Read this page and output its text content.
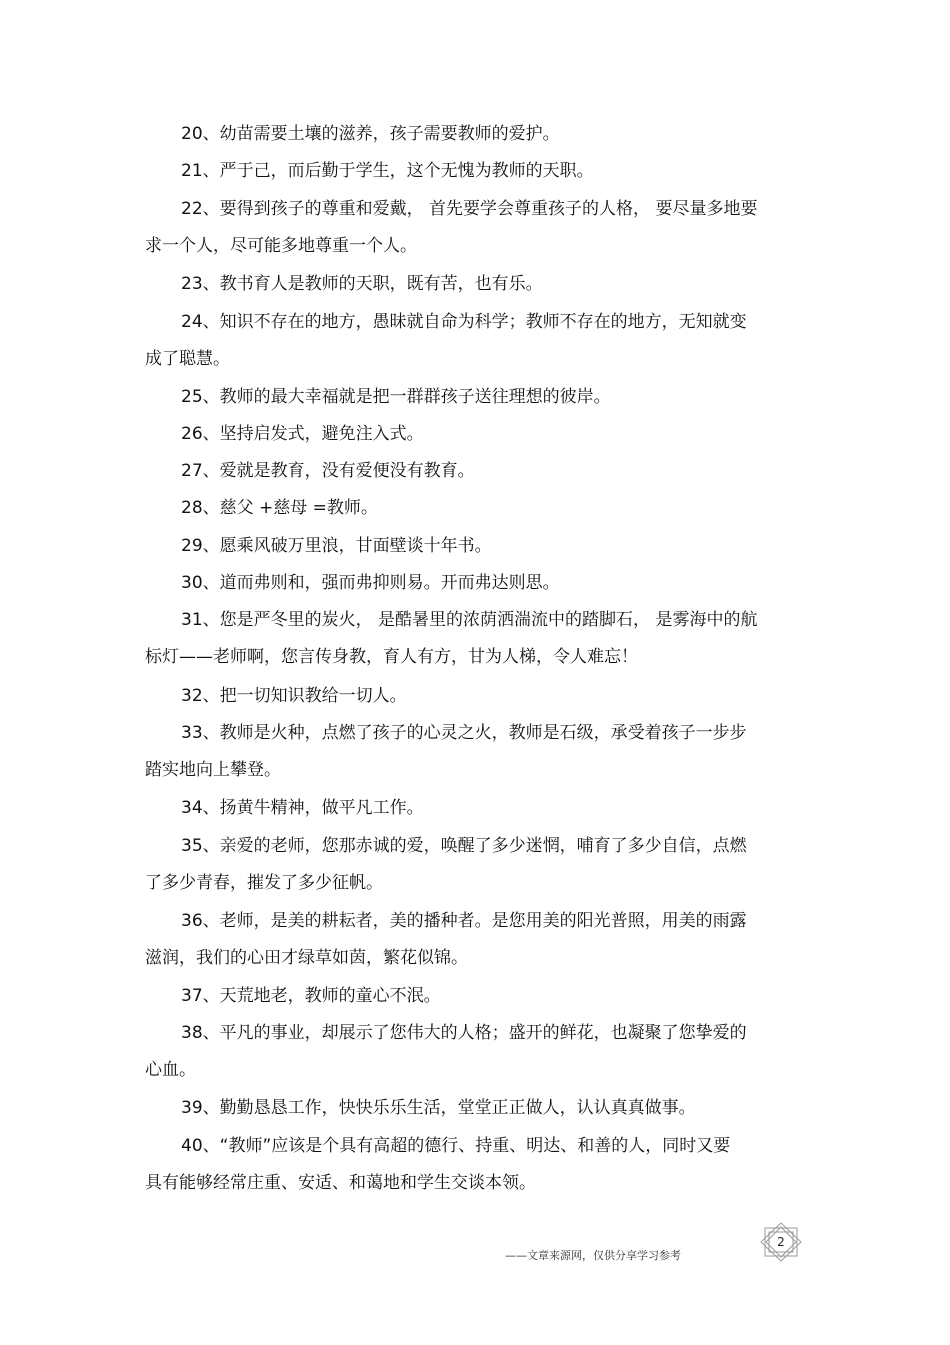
20、幼苗需要土壤的滋养，孩子需要教师的爱护。
21、严于己，而后勤于学生，这个无愧为教师的天职。
22、要得到孩子的尊重和爱戴， 首先要学会尊重孩子的人格， 要尽量多地要
求一个人，尽可能多地尊重一个人。
23、教书育人是教师的天职，既有苦，也有乐。
24、知识不存在的地方，愚昧就自命为科学；教师不存在的地方，无知就变
成了聪慧。
25、教师的最大幸福就是把一群群孩子送往理想的彼岸。
26、坚持启发式，避免注入式。
27、爱就是教育，没有爱便没有教育。
28、慈父 +慈母 =教师。
29、愿乘风破万里浪，甘面壁谈十年书。
30、道而弗则和，强而弗抑则易。开而弗达则思。
31、您是严冬里的炭火， 是酷暑里的浓荫洒湍流中的踏脚石， 是雾海中的航
标灯——老师啊，您言传身教，育人有方，甘为人梯，令人难忘！
32、把一切知识教给一切人。
33、教师是火种，点燃了孩子的心灵之火，教师是石级，承受着孩子一步步
踏实地向上攀登。
34、扬黄牛精神，做平凡工作。
35、亲爱的老师，您那赤诚的爱，唤醒了多少迷惘，哺育了多少自信，点燃
了多少青春，摧发了多少征帆。
36、老师，是美的耕耘者，美的播种者。是您用美的阳光普照，用美的雨露
滋润，我们的心田才绿草如茵，繁花似锦。
37、天荒地老，教师的童心不泯。
38、平凡的事业，却展示了您伟大的人格；盛开的鲜花，也凝聚了您挚爱的
心血。
39、勤勤恳恳工作，快快乐乐生活，堂堂正正做人，认认真真做事。
40、“教师”应该是个具有高超的德行、持重、明达、和善的人，同时又要
具有能够经常庄重、安适、和蔼地和学生交谈本领。
——文章来源网，仅供分享学习参考
2
